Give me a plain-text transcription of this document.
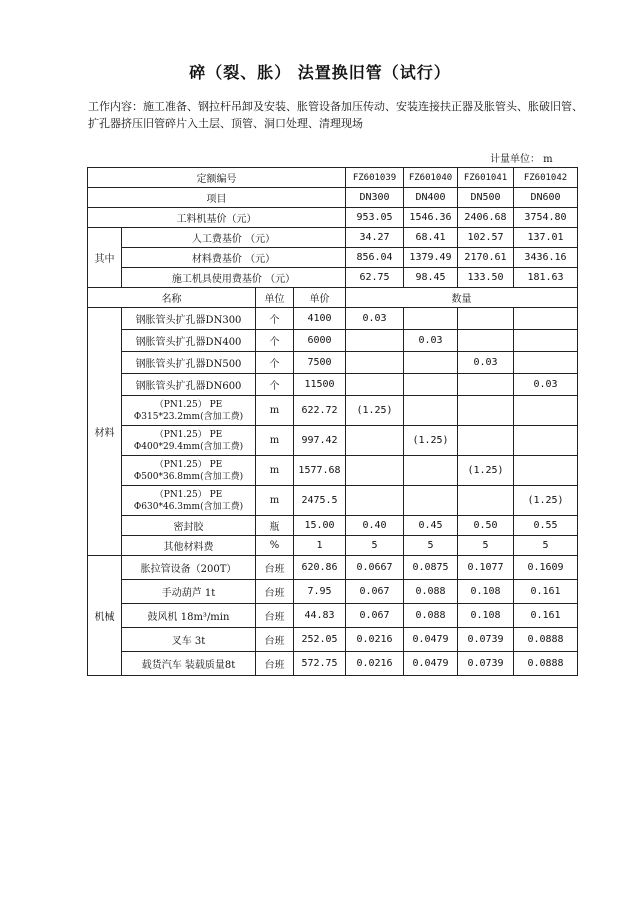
碎（裂、胀） 法置换旧管（试行）
工作内容：施工准备、钢拉杆吊卸及安装、胀管设备加压传动、安装连接扶正器及胀管头、胀破旧管、扩孔器挤压旧管碎片入土层、顶管、洞口处理、清理现场
计量单位： m
定额编号				FZ601039	FZ601040	FZ601041	FZ601042
项目				DN300	DN400	DN500	DN600
工料机基价（元）				953.05	1546.36	2406.68	3754.80
其中	人工费基价 （元）			34.27	68.41	102.57	137.01
	材料费基价 （元）			856.04	1379.49	2170.61	3436.16
	施工机具使用费基价 （元）			62.75	98.45	133.50	181.63
名称		单位	单价	数量			
材料	钢胀管头扩孔器DN300	个	4100	0.03			
	钢胀管头扩孔器DN400	个	6000		0.03		
	钢胀管头扩孔器DN500	个	7500			0.03	
	钢胀管头扩孔器DN600	个	11500				0.03
	（PN1.25） PE
Φ315*23.2mm(含加工费)	m	622.72	(1.25)			
	（PN1.25） PE
Φ400*29.4mm(含加工费)	m	997.42		(1.25)		
	（PN1.25） PE
Φ500*36.8mm(含加工费)	m	1577.68			(1.25)	
	（PN1.25） PE
Φ630*46.3mm(含加工费)	m	2475.5				(1.25)
	密封胶	瓶	15.00	0.40	0.45	0.50	0.55
	其他材料费	%	1	5	5	5	5
机械	胀拉管设备（200T）	台班	620.86	0.0667	0.0875	0.1077	0.1609
	手动葫芦 1t	台班	7.95	0.067	0.088	0.108	0.161
	鼓风机 18m³/min	台班	44.83	0.067	0.088	0.108	0.161
	叉车 3t	台班	252.05	0.0216	0.0479	0.0739	0.0888
	载货汽车 装载质量8t	台班	572.75	0.0216	0.0479	0.0739	0.0888
